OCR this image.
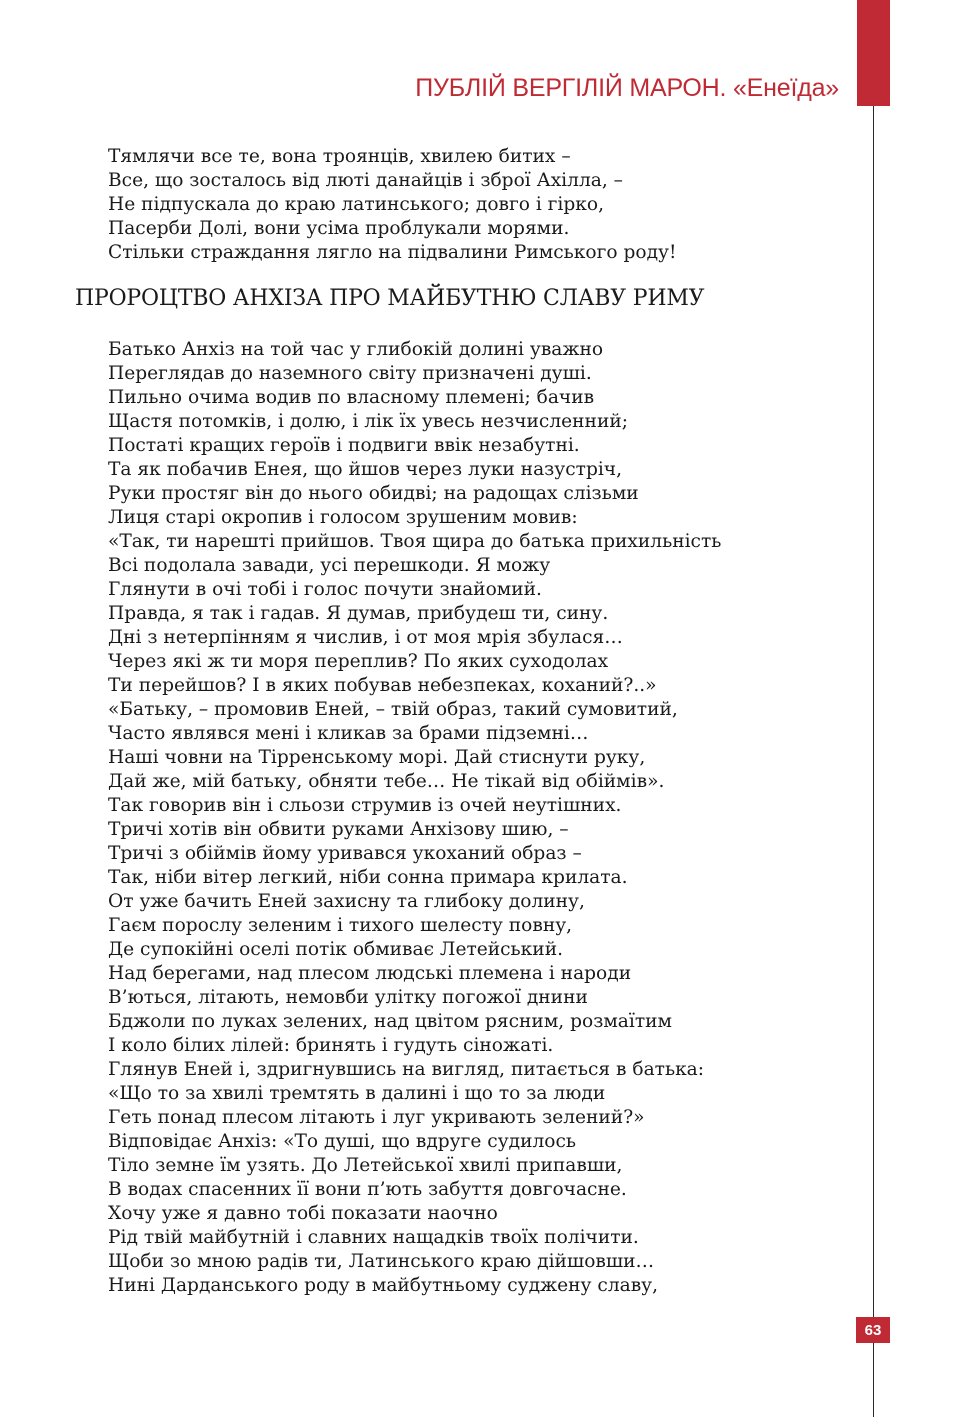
ПУБЛІЙ ВЕРГІЛІЙ МАРОН. «Енеїда»
Тямлячи все те, вона троянців, хвилею битих –
Все, що зосталось від люті данайців і зброї Ахілла, –
Не підпускала до краю латинського; довго і гірко,
Пасерби Долі, вони усіма проблукали морями.
Стільки страждання лягло на підвалини Римського роду!
ПРОРОЦТВО АНХІЗА ПРО МАЙБУТНЮ СЛАВУ РИМУ
Батько Анхіз на той час у глибокій долині уважно
Переглядав до наземного світу призначені душі.
Пильно очима водив по власному племені; бачив
Щастя потомків, і долю, і лік їх увесь незчисленний;
Постаті кращих героїв і подвиги ввік незабутні.
Та як побачив Енея, що йшов через луки назустріч,
Руки простяг він до нього обидві; на радощах слізьми
Лиця старі окропив і голосом зрушеним мовив:
«Так, ти нарешті прийшов. Твоя щира до батька прихильність
Всі подолала завади, усі перешкоди. Я можу
Глянути в очі тобі і голос почути знайомий.
Правда, я так і гадав. Я думав, прибудеш ти, сину.
Дні з нетерпінням я числив, і от моя мрія збулася…
Через які ж ти моря переплив? По яких суходолах
Ти перейшов? І в яких побував небезпеках, коханий?..»
«Батьку, – промовив Еней, – твій образ, такий сумовитий,
Часто являвся мені і кликав за брами підземні…
Наші човни на Тірренському морі. Дай стиснути руку,
Дай же, мій батьку, обняти тебе… Не тікай від обіймів».
Так говорив він і сльози струмив із очей неутішних.
Тричі хотів він обвити руками Анхізову шию, –
Тричі з обіймів йому уривався укоханий образ –
Так, ніби вітер легкий, ніби сонна примара крилата.
От уже бачить Еней захисну та глибоку долину,
Гаєм порослу зеленим і тихого шелесту повну,
Де супокійні оселі потік обмиває Летейський.
Над берегами, над плесом людські племена і народи
В’ються, літають, немовби улітку погожої днини
Бджоли по луках зелених, над цвітом рясним, розмаїтим
І коло білих лілей: бринять і гудуть сіножаті.
Глянув Еней і, здригнувшись на вигляд, питається в батька:
«Що то за хвилі тремтять в далині і що то за люди
Геть понад плесом літають і луг укривають зелений?»
Відповідає Анхіз: «То душі, що вдруге судилось
Тіло земне їм узять. До Летейської хвилі припавши,
В водах спасенних її вони п’ють забуття довгочасне.
Хочу уже я давно тобі показати наочно
Рід твій майбутній і славних нащадків твоїх полічити.
Щоби зо мною радів ти, Латинського краю дійшовши…
Нині Дарданського роду в майбутньому суджену славу,
63
